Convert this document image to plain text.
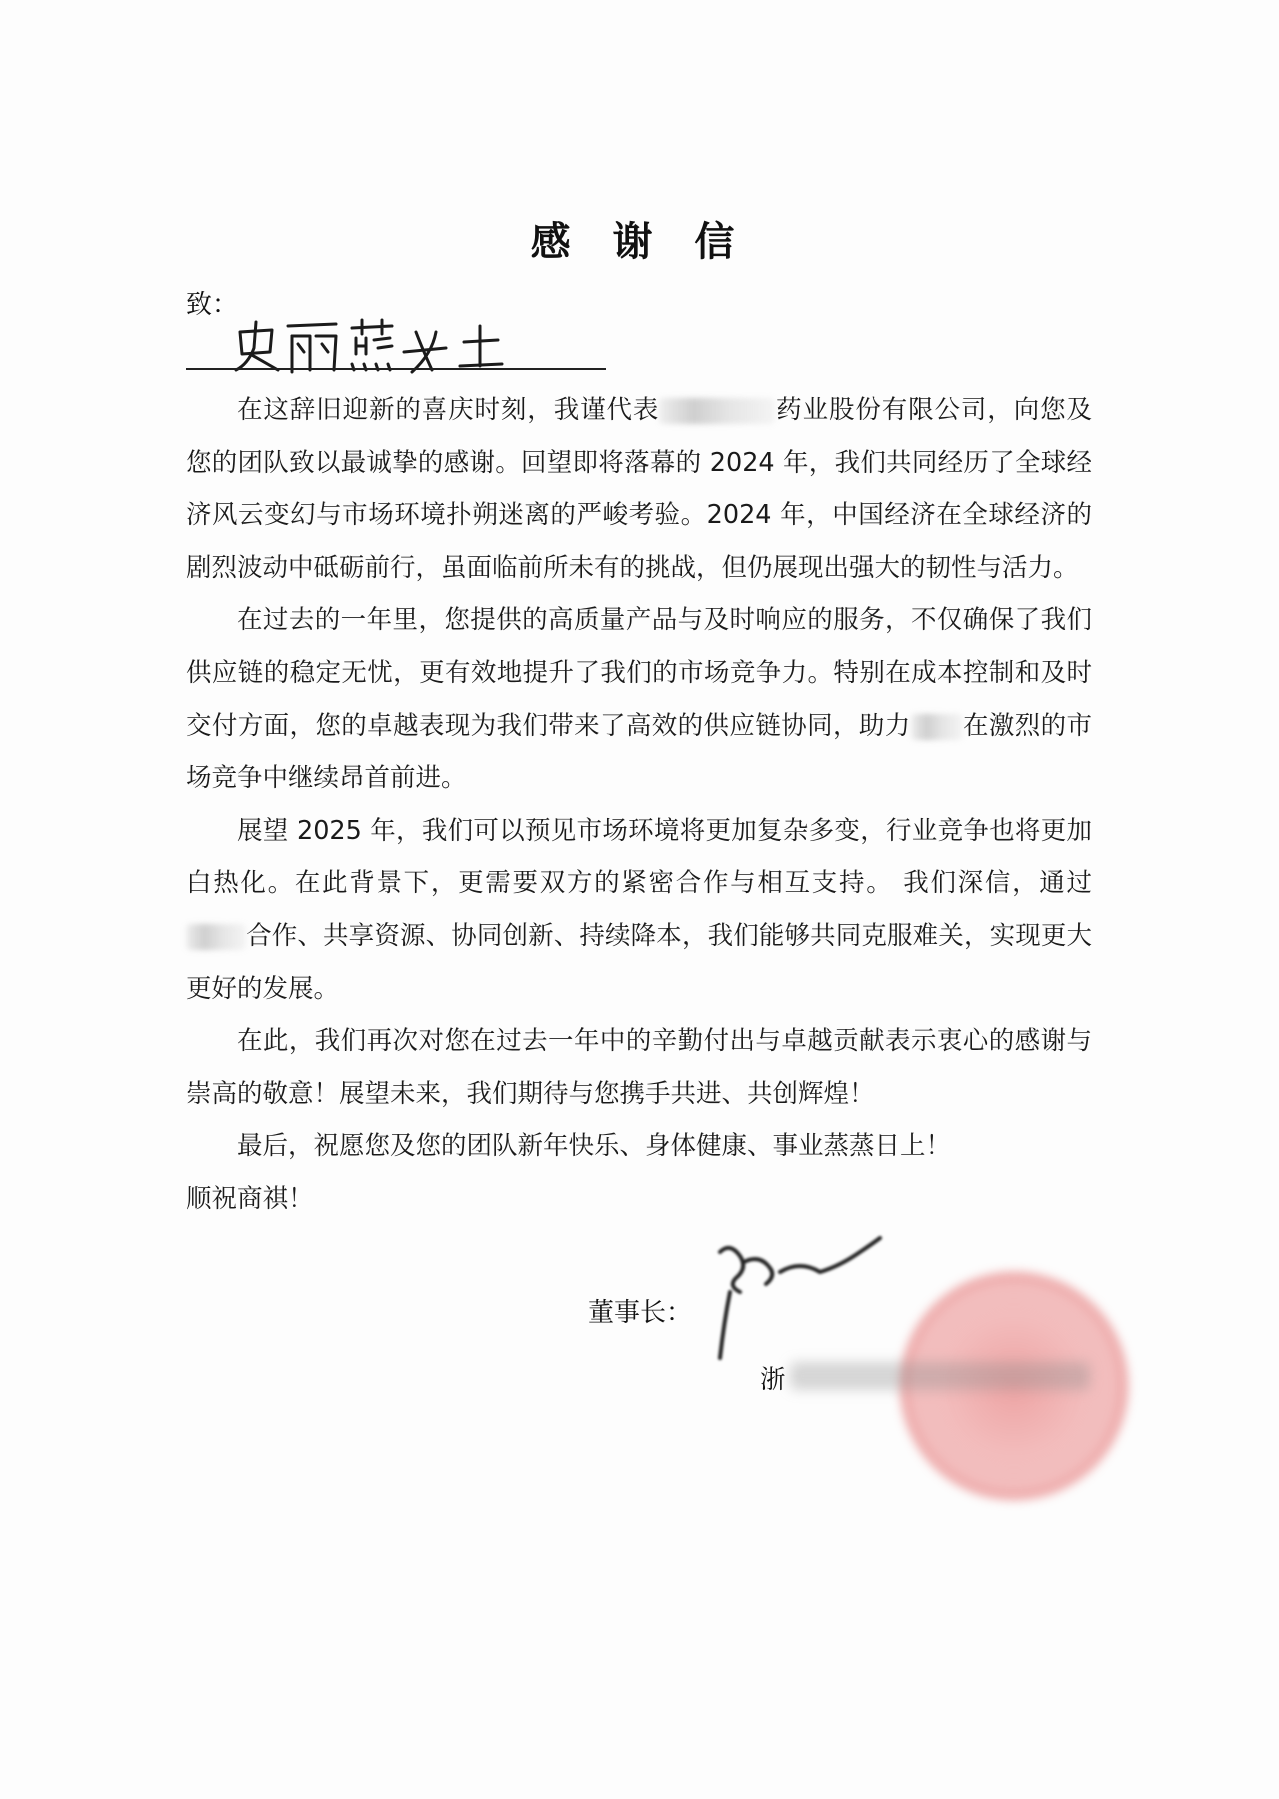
感 谢 信
致：

在这辞旧迎新的喜庆时刻，我谨代表	药业股份有限公司，向您及您的团队致以最诚挚的感谢。回望即将落幕的 2024 年，我们共同经历了全球经济风云变幻与市场环境扑朔迷离的严峻考验。2024 年，中国经济在全球经济的剧烈波动中砥砺前行，虽面临前所未有的挑战，但仍展现出强大的韧性与活力。

在过去的一年里，您提供的高质量产品与及时响应的服务，不仅确保了我们供应链的稳定无忧，更有效地提升了我们的市场竞争力。特别在成本控制和及时交付方面，您的卓越表现为我们带来了高效的供应链协同，助力 在激烈的市场竞争中继续昂首前进。

展望 2025 年，我们可以预见市场环境将更加复杂多变，行业竞争也将更加白热化。在此背景下，更需要双方的紧密合作与相互支持。 我们深信，通过合作、共享资源、协同创新、持续降本，我们能够共同克服难关，实现更大更好的发展。

在此，我们再次对您在过去一年中的辛勤付出与卓越贡献表示衷心的感谢与崇高的敬意！展望未来，我们期待与您携手共进、共创辉煌！

最后，祝愿您及您的团队新年快乐、身体健康、事业蒸蒸日上！

顺祝商祺！

董事长：
浙
